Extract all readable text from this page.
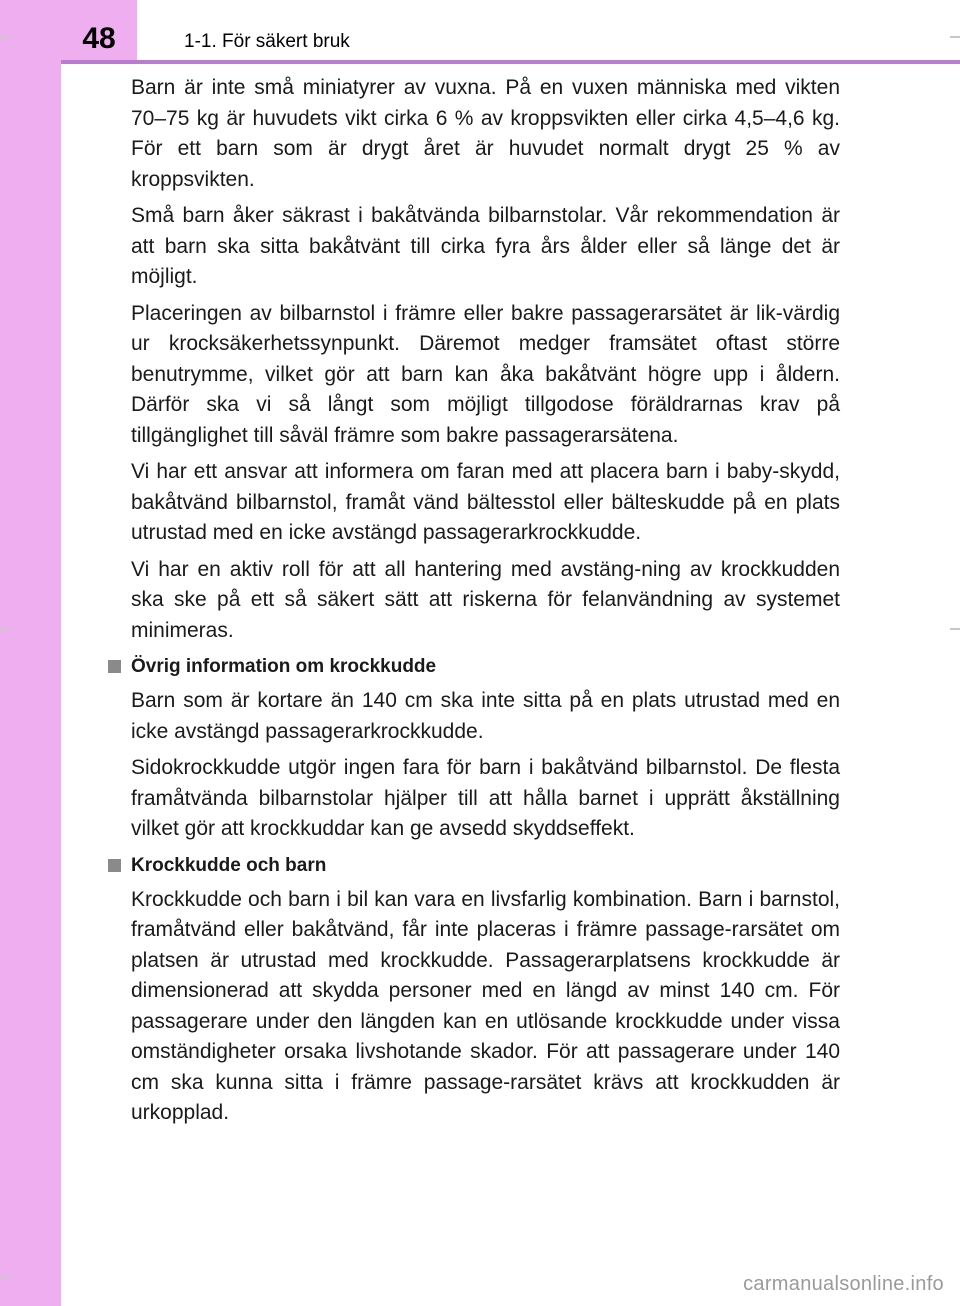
48	1-1. För säkert bruk

Barn är inte små miniatyrer av vuxna. På en vuxen människa med vikten 70–75 kg är huvudets vikt cirka 6 % av kroppsvikten eller cirka 4,5–4,6 kg. För ett barn som är drygt året är huvudet normalt drygt 25 % av kroppsvikten.

Små barn åker säkrast i bakåtvända bilbarnstolar. Vår rekommendation är att barn ska sitta bakåtvänt till cirka fyra års ålder eller så länge det är möjligt.

Placeringen av bilbarnstol i främre eller bakre passagerarsätet är lik-värdig ur krocksäkerhetssynpunkt. Däremot medger framsätet oftast större benutrymme, vilket gör att barn kan åka bakåtvänt högre upp i åldern. Därför ska vi så långt som möjligt tillgodose föräldrarnas krav på tillgänglighet till såväl främre som bakre passagerarsätena.

Vi har ett ansvar att informera om faran med att placera barn i baby-skydd, bakåtvänd bilbarnstol, framåt vänd bältesstol eller bälteskudde på en plats utrustad med en icke avstängd passagerarkrockkudde.

Vi har en aktiv roll för att all hantering med avstäng-ning av krockkudden ska ske på ett så säkert sätt att riskerna för felanvändning av systemet minimeras.

Övrig information om krockkudde

Barn som är kortare än 140 cm ska inte sitta på en plats utrustad med en icke avstängd passagerarkrockkudde.

Sidokrockkudde utgör ingen fara för barn i bakåtvänd bilbarnstol. De flesta framåtvända bilbarnstolar hjälper till att hålla barnet i upprätt åkställning vilket gör att krockkuddar kan ge avsedd skyddseffekt.

Krockkudde och barn

Krockkudde och barn i bil kan vara en livsfarlig kombination. Barn i barnstol, framåtvänd eller bakåtvänd, får inte placeras i främre passage-rarsätet om platsen är utrustad med krockkudde. Passagerarplatsens krockkudde är dimensionerad att skydda personer med en längd av minst 140 cm. För passagerare under den längden kan en utlösande krockkudde under vissa omständigheter orsaka livshotande skador. För att passagerare under 140 cm ska kunna sitta i främre passage-rarsätet krävs att krockkudden är urkopplad.

carmanualsonline.info
